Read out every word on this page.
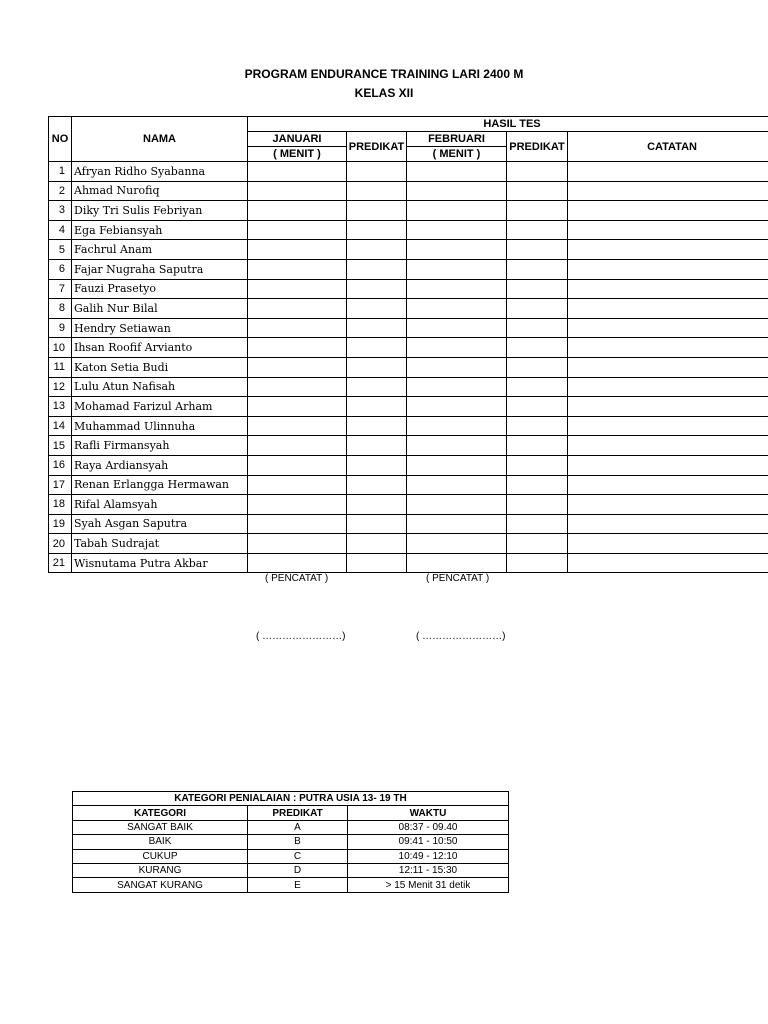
PROGRAM ENDURANCE TRAINING LARI 2400 M
KELAS XII
NO	NAMA	HASIL TES				
		JANUARI	PREDIKAT	FEBRUARI	PREDIKAT	CATATAN
		( MENIT )		( MENIT )		
1	Afryan Ridho Syabanna					
2	Ahmad Nurofiq					
3	Diky Tri Sulis Febriyan					
4	Ega Febiansyah					
5	Fachrul Anam					
6	Fajar Nugraha Saputra					
7	Fauzi Prasetyo					
8	Galih Nur Bilal					
9	Hendry Setiawan					
10	Ihsan Roofif Arvianto					
11	Katon Setia Budi					
12	Lulu Atun Nafisah					
13	Mohamad Farizul Arham					
14	Muhammad Ulinnuha					
15	Rafli Firmansyah					
16	Raya Ardiansyah					
17	Renan Erlangga Hermawan					
18	Rifal Alamsyah					
19	Syah Asgan Saputra					
20	Tabah Sudrajat					
21	Wisnutama Putra Akbar					
( PENCATAT )	( PENCATAT )
( ……………………)	( ……………………)
KATEGORI PENIALAIAN : PUTRA USIA 13- 19 TH		
KATEGORI	PREDIKAT	WAKTU
SANGAT BAIK	A	08:37 - 09.40
BAIK	B	09:41 - 10:50
CUKUP	C	10:49 - 12:10
KURANG	D	12:11 - 15:30
SANGAT KURANG	E	> 15 Menit 31 detik
